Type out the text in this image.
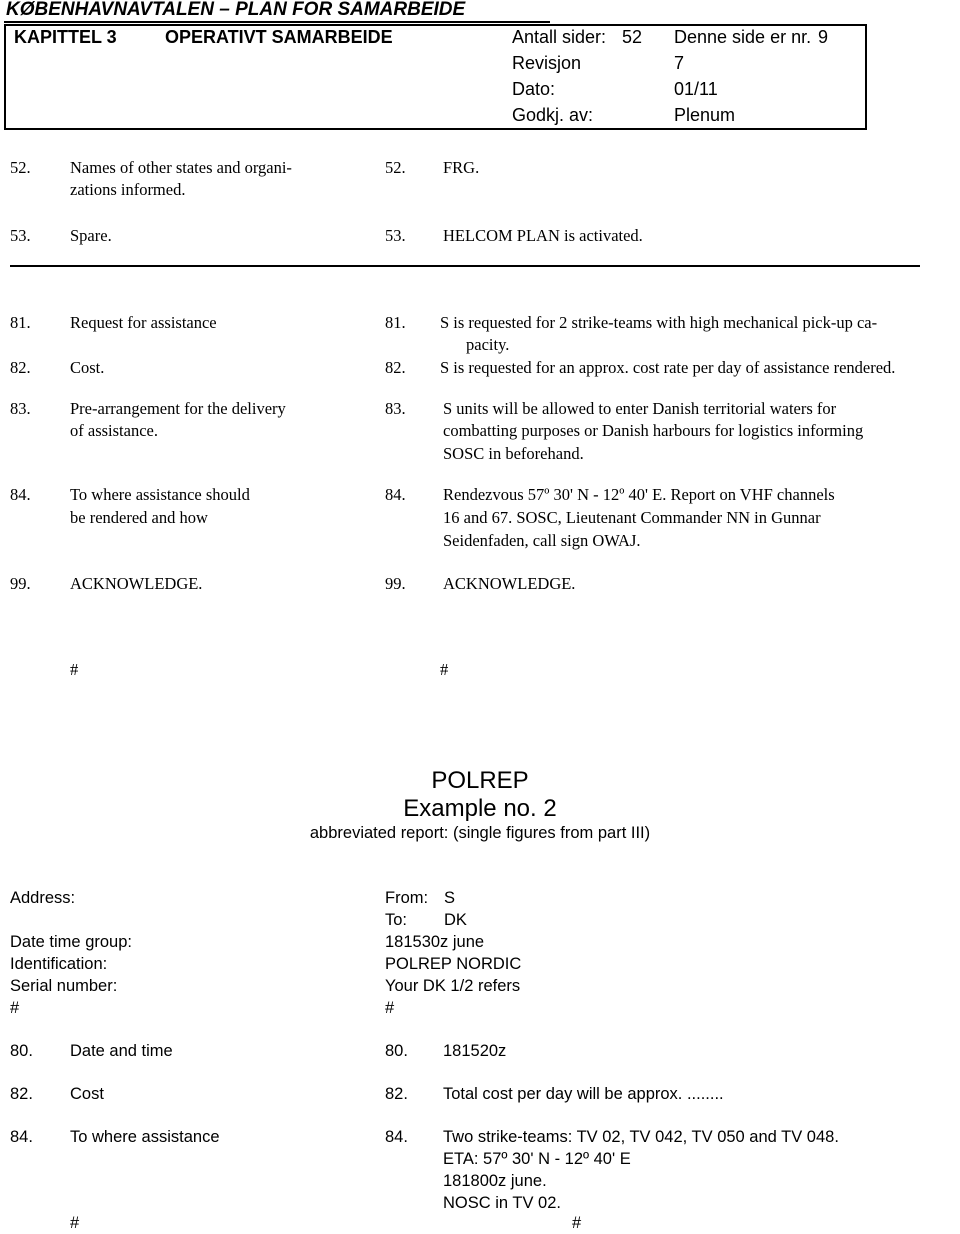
KØBENHAVNAVTALEN – PLAN FOR SAMARBEIDE
KAPITTEL 3	OPERATIVT SAMARBEIDE	Antall sider: 52 Denne side er nr. 9
Revisjon	7
Dato:	01/11
Godkj. av:	Plenum
52. Names of other states and organi-
zations informed.
52. FRG.
53. Spare.	53. HELCOM PLAN is activated.
81. Request for assistance	81. S is requested for 2 strike-teams with high mechanical pick-up ca-
pacity.
82. Cost.	82. S is requested for an approx. cost rate per day of assistance rendered.
83. Pre-arrangement for the delivery
of assistance.
83. S units will be allowed to enter Danish territorial waters for
combatting purposes or Danish harbours for logistics informing
SOSC in beforehand.
84. To where assistance should
be rendered and how
84. Rendezvous 57º 30' N - 12º 40' E. Report on VHF channels
16 and 67. SOSC, Lieutenant Commander NN in Gunnar
Seidenfaden, call sign OWAJ.
99. ACKNOWLEDGE.	99. ACKNOWLEDGE.
#	#
POLREP
Example no. 2
abbreviated report: (single figures from part III)
Address:	From: S
To: DK
Date time group:	181530z june
Identification:	POLREP NORDIC
Serial number:	Your DK 1/2 refers
#	#
80. Date and time	80. 181520z
82. Cost	82. Total cost per day will be approx. ........
84. To where assistance	84. Two strike-teams: TV 02, TV 042, TV 050 and TV 048.
ETA: 57º 30' N - 12º 40' E
181800z june.
NOSC in TV 02.
#	#
